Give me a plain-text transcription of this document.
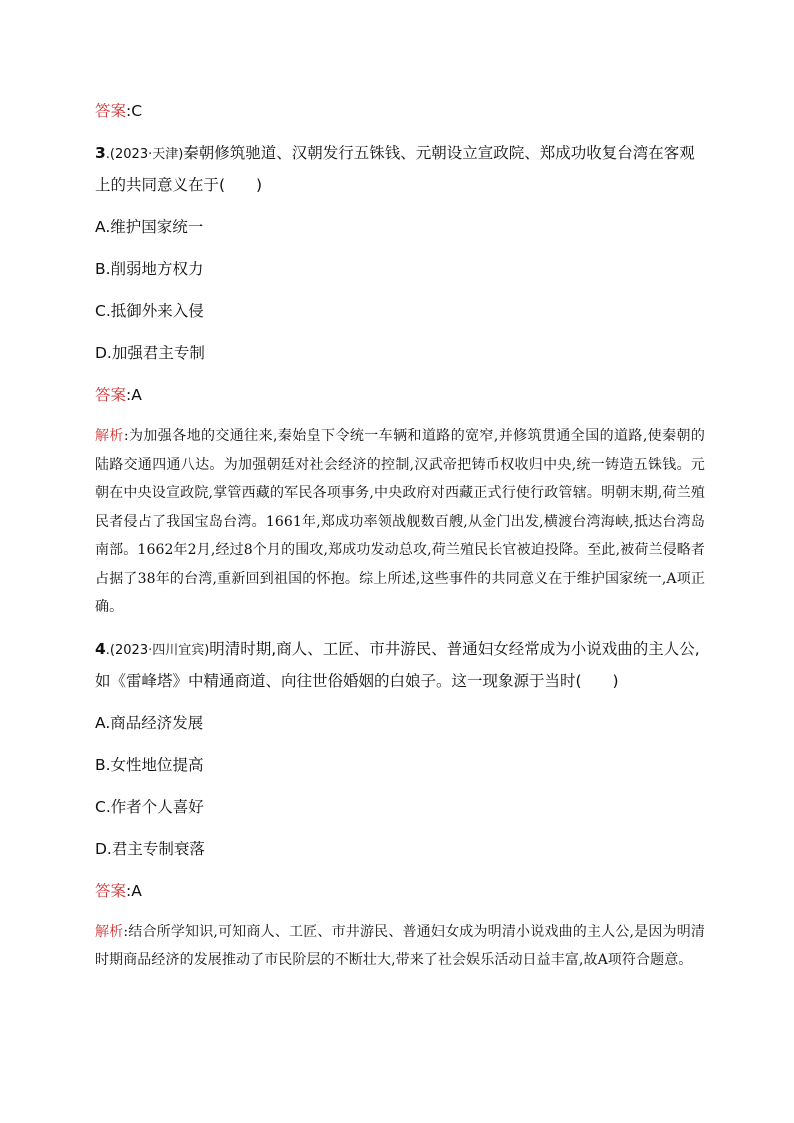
答案:C
3.(2023·天津)秦朝修筑驰道、汉朝发行五铢钱、元朝设立宣政院、郑成功收复台湾在客观上的共同意义在于(　　)
A.维护国家统一
B.削弱地方权力
C.抵御外来入侵
D.加强君主专制
答案:A
解析:为加强各地的交通往来,秦始皇下令统一车辆和道路的宽窄,并修筑贯通全国的道路,使秦朝的陆路交通四通八达。为加强朝廷对社会经济的控制,汉武帝把铸币权收归中央,统一铸造五铢钱。元朝在中央设宣政院,掌管西藏的军民各项事务,中央政府对西藏正式行使行政管辖。明朝末期,荷兰殖民者侵占了我国宝岛台湾。1661年,郑成功率领战舰数百艘,从金门出发,横渡台湾海峡,抵达台湾岛南部。1662年2月,经过8个月的围攻,郑成功发动总攻,荷兰殖民长官被迫投降。至此,被荷兰侵略者占据了38年的台湾,重新回到祖国的怀抱。综上所述,这些事件的共同意义在于维护国家统一,A项正确。
4.(2023·四川宜宾)明清时期,商人、工匠、市井游民、普通妇女经常成为小说戏曲的主人公,如《雷峰塔》中精通商道、向往世俗婚姻的白娘子。这一现象源于当时(　　)
A.商品经济发展
B.女性地位提高
C.作者个人喜好
D.君主专制衰落
答案:A
解析:结合所学知识,可知商人、工匠、市井游民、普通妇女成为明清小说戏曲的主人公,是因为明清时期商品经济的发展推动了市民阶层的不断壮大,带来了社会娱乐活动日益丰富,故A项符合题意。
